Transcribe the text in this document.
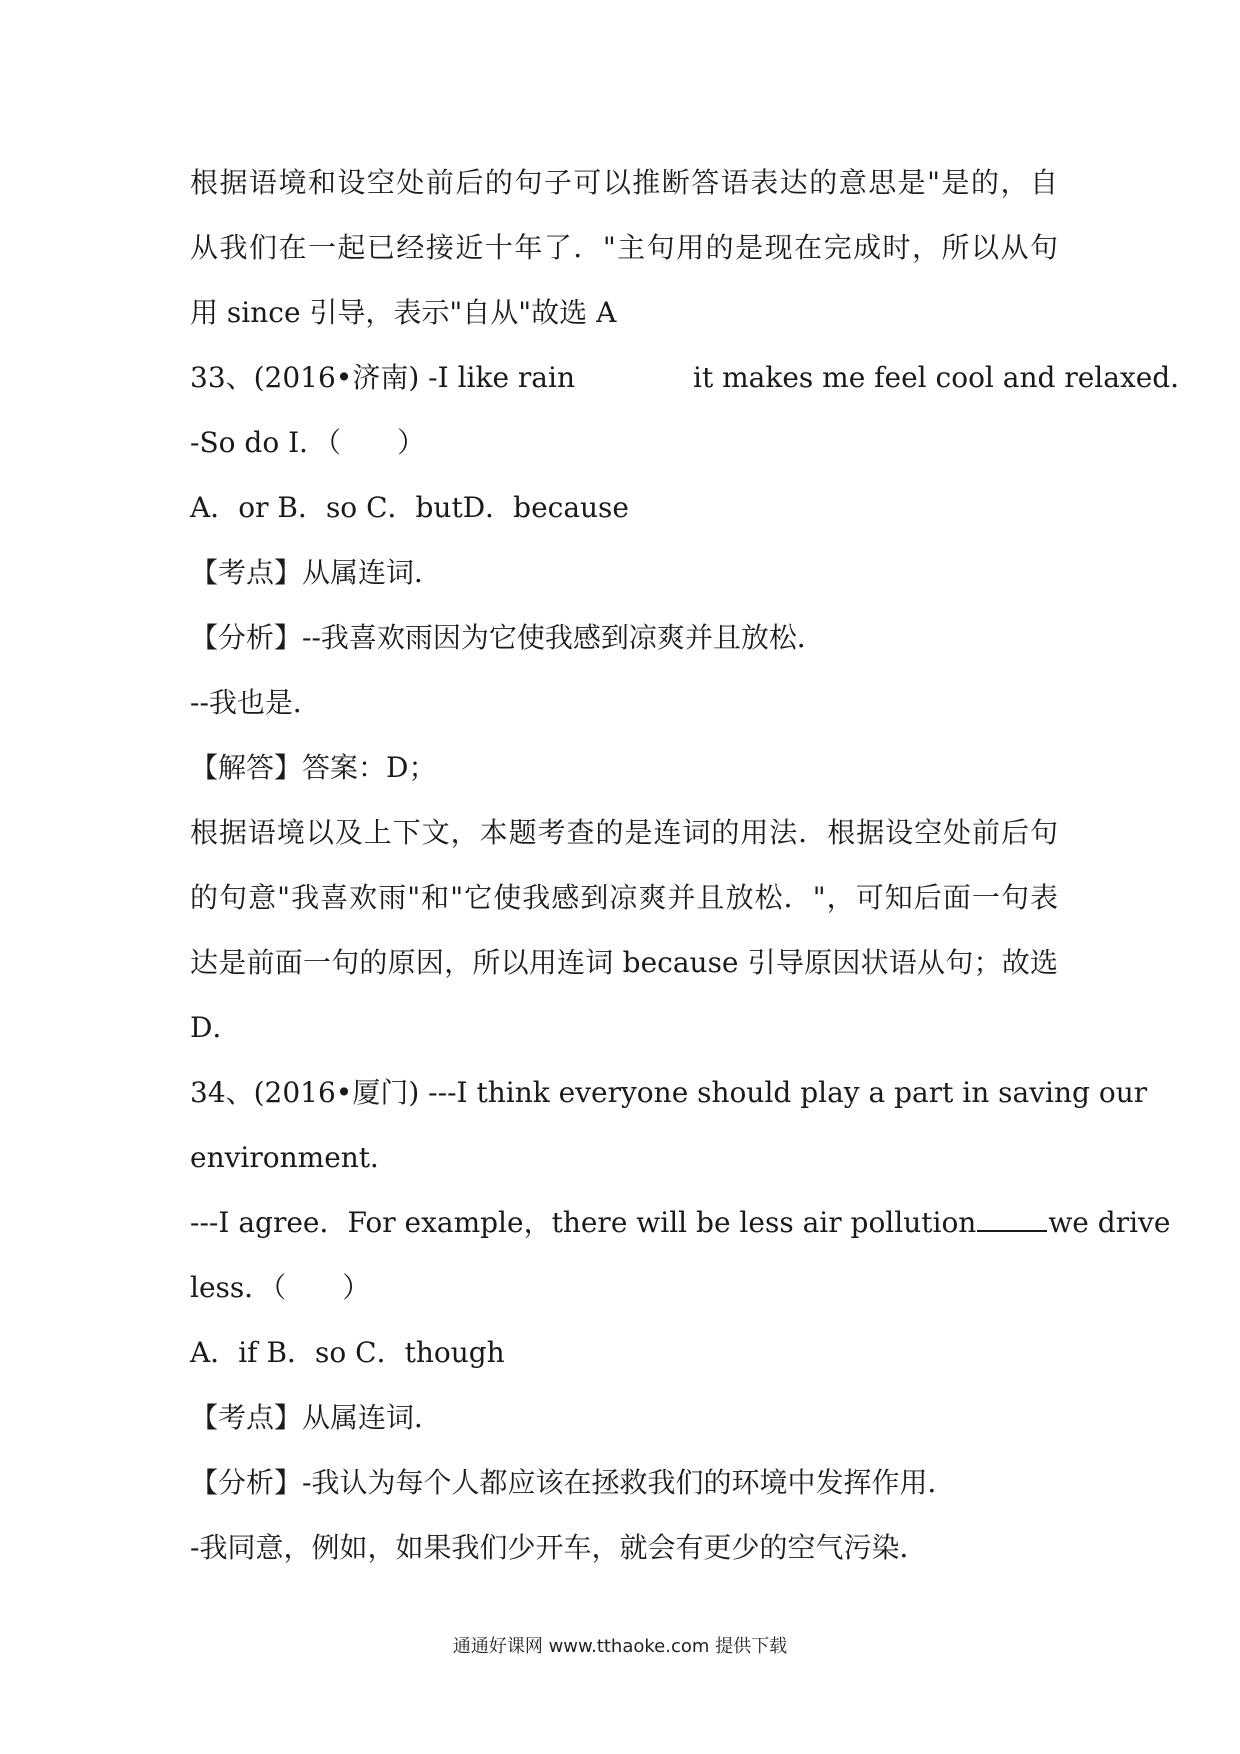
根据语境和设空处前后的句子可以推断答语表达的意思是"是的，自
从我们在一起已经接近十年了．"主句用的是现在完成时，所以从句
用 since 引导，表示"自从"故选 A
33、(2016•济南) -I like rain	it makes me feel cool and relaxed．
-So do I．（　　）
A．or B．so C．butD．because
【考点】从属连词．
【分析】--我喜欢雨因为它使我感到凉爽并且放松．
--我也是．
【解答】答案：D；
根据语境以及上下文，本题考查的是连词的用法．根据设空处前后句
的句意"我喜欢雨"和"它使我感到凉爽并且放松．"，可知后面一句表
达是前面一句的原因，所以用连词 because 引导原因状语从句；故选
D．
34、(2016•厦门) ---I think everyone should play a part in saving our
environment．
---I agree．For example，there will be less air pollution	we drive
less．（　　）
A．if B．so C．though
【考点】从属连词．
【分析】-我认为每个人都应该在拯救我们的环境中发挥作用．
-我同意，例如，如果我们少开车，就会有更少的空气污染．
通通好课网 www.tthaoke.com 提供下载
